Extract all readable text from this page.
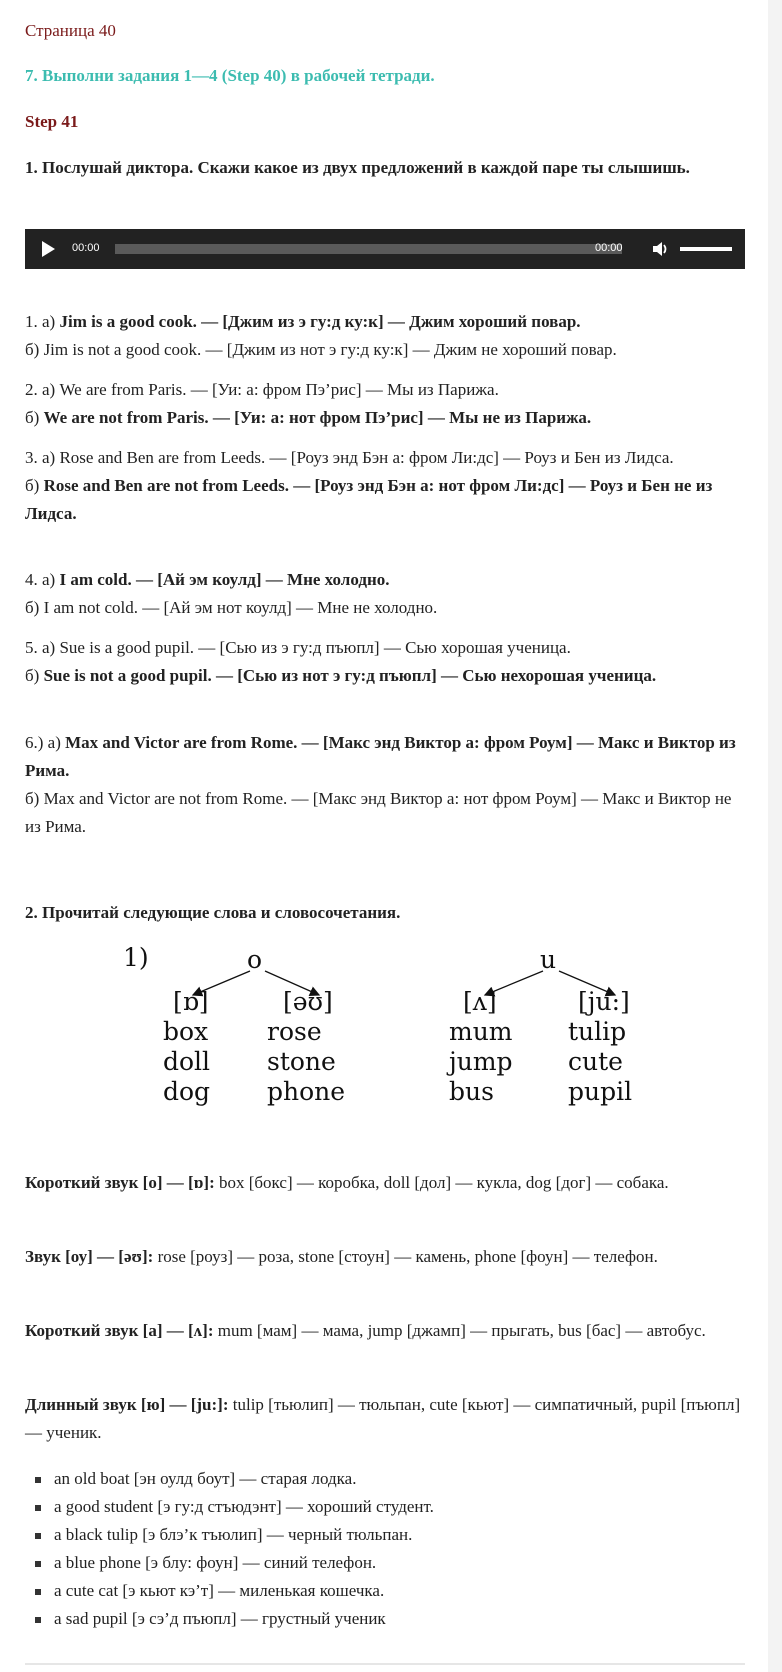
Страница 40

7. Выполни задания 1—4 (Step 40) в рабочей тетради.

Step 41

1. Послушай диктора. Скажи какое из двух предложений в каждой паре ты слышишь.

00:00	00:00

1. а) Jim is a good cook. — [Джим из э гу:д ку:к] — Джим хороший повар.

б) Jim is not a good cook. — [Джим из нот э гу:д ку:к] — Джим не хороший повар.

2. а) We are from Paris. — [Уи: а: фром Пэ’рис] — Мы из Парижа.

б) We are not from Paris. — [Уи: а: нот фром Пэ’рис] — Мы не из Парижа.

3. а) Rose and Ben are from Leeds. — [Роуз энд Бэн а: фром Ли:дс] — Роуз и Бен из Лидса.

б) Rose and Ben are not from Leeds. — [Роуз энд Бэн а: нот фром Ли:дс] — Роуз и Бен не из Лидса.

4. а) I am cold. — [Ай эм коулд] — Мне холодно.

б) I am not cold. — [Ай эм нот коулд] — Мне не холодно.

5. а) Sue is a good pupil. — [Сью из э гу:д пъюпл] — Сью хорошая ученица.

б) Sue is not a good pupil. — [Сью из нот э гу:д пъюпл] — Сью нехорошая ученица.

6.) а) Max and Victor are from Rome. — [Макс энд Виктор а: фром Роум] — Макс и Виктор из Рима.

б) Max and Victor are not from Rome. — [Макс энд Виктор а: нот фром Роум] — Макс и Виктор не из Рима.

2. Прочитай следующие слова и словосочетания.

1)	o	u
[ɒ]
box
doll
dog
[əʊ]
rose
stone
phone
[ʌ]
mum
jump
bus
[ju:]
tulip
cute
pupil

Короткий звук [о] — [ɒ]: box [бокс] — коробка, doll [дол] — кукла, dog [дог] — собака.

Звук [оу] — [əʊ]: rose [роуз] — роза, stone [стоун] — камень, phone [фоун] — телефон.

Короткий звук [а] — [ʌ]: mum [мам] — мама, jump [джамп] — прыгать, bus [бас] — автобус.

Длинный звук [ю] — [ju:]: tulip [тьюлип] — тюльпан, cute [кьют] — симпатичный, pupil [пъюпл] — ученик.

an old boat [эн оулд боут] — старая лодка.
a good student [э гу:д стъюдэнт] — хороший студент.
a black tulip [э блэ’к тъюлип] — черный тюльпан.
a blue phone [э блу: фоун] — синий телефон.
a cute cat [э кьют кэ’т] — миленькая кошечка.
a sad pupil [э сэ’д пъюпл] — грустный ученик
